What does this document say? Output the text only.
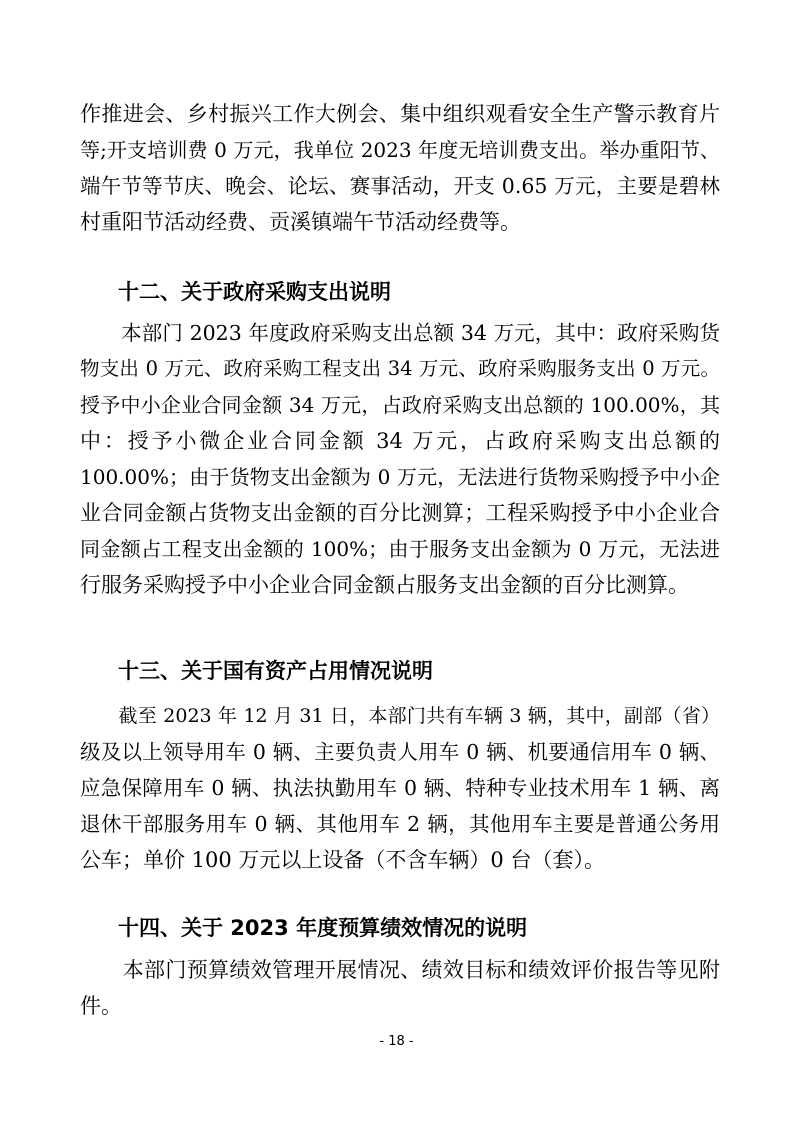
作推进会、乡村振兴工作大例会、集中组织观看安全生产警示教育片
等;开支培训费 0 万元，我单位 2023 年度无培训费支出。举办重阳节、
端午节等节庆、晚会、论坛、赛事活动，开支 0.65 万元，主要是碧林
村重阳节活动经费、贡溪镇端午节活动经费等。
十二、关于政府采购支出说明
　　本部门 2023 年度政府采购支出总额 34 万元，其中：政府采购货
物支出 0 万元、政府采购工程支出 34 万元、政府采购服务支出 0 万元。
授予中小企业合同金额 34 万元，占政府采购支出总额的 100.00%，其
中：授予小微企业合同金额 34 万元，占政府采购支出总额的
100.00%；由于货物支出金额为 0 万元，无法进行货物采购授予中小企
业合同金额占货物支出金额的百分比测算；工程采购授予中小企业合
同金额占工程支出金额的 100%；由于服务支出金额为 0 万元，无法进
行服务采购授予中小企业合同金额占服务支出金额的百分比测算。
十三、关于国有资产占用情况说明
　　截至 2023 年 12 月 31 日，本部门共有车辆 3 辆，其中，副部（省）
级及以上领导用车 0 辆、主要负责人用车 0 辆、机要通信用车 0 辆、
应急保障用车 0 辆、执法执勤用车 0 辆、特种专业技术用车 1 辆、离
退休干部服务用车 0 辆、其他用车 2 辆，其他用车主要是普通公务用
公车；单价 100 万元以上设备（不含车辆）0 台（套）。
十四、关于 2023 年度预算绩效情况的说明
　　本部门预算绩效管理开展情况、绩效目标和绩效评价报告等见附
件。
- 18 -
